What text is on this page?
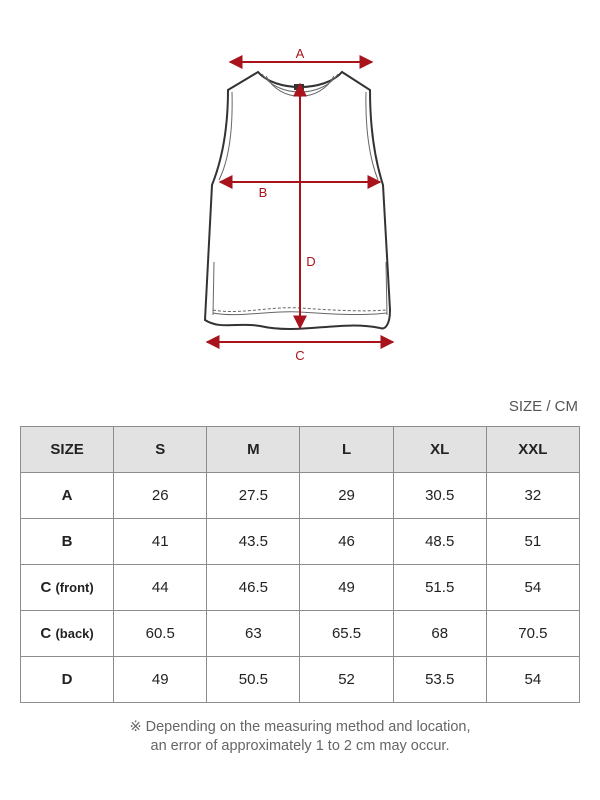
A
B
C
D
SIZE / CM
SIZE	S	M	L	XL	XXL
A	26	27.5	29	30.5	32
B	41	43.5	46	48.5	51
C (front)	44	46.5	49	51.5	54
C (back)	60.5	63	65.5	68	70.5
D	49	50.5	52	53.5	54
※ Depending on the measuring method and location,
an error of approximately 1 to 2 cm may occur.
